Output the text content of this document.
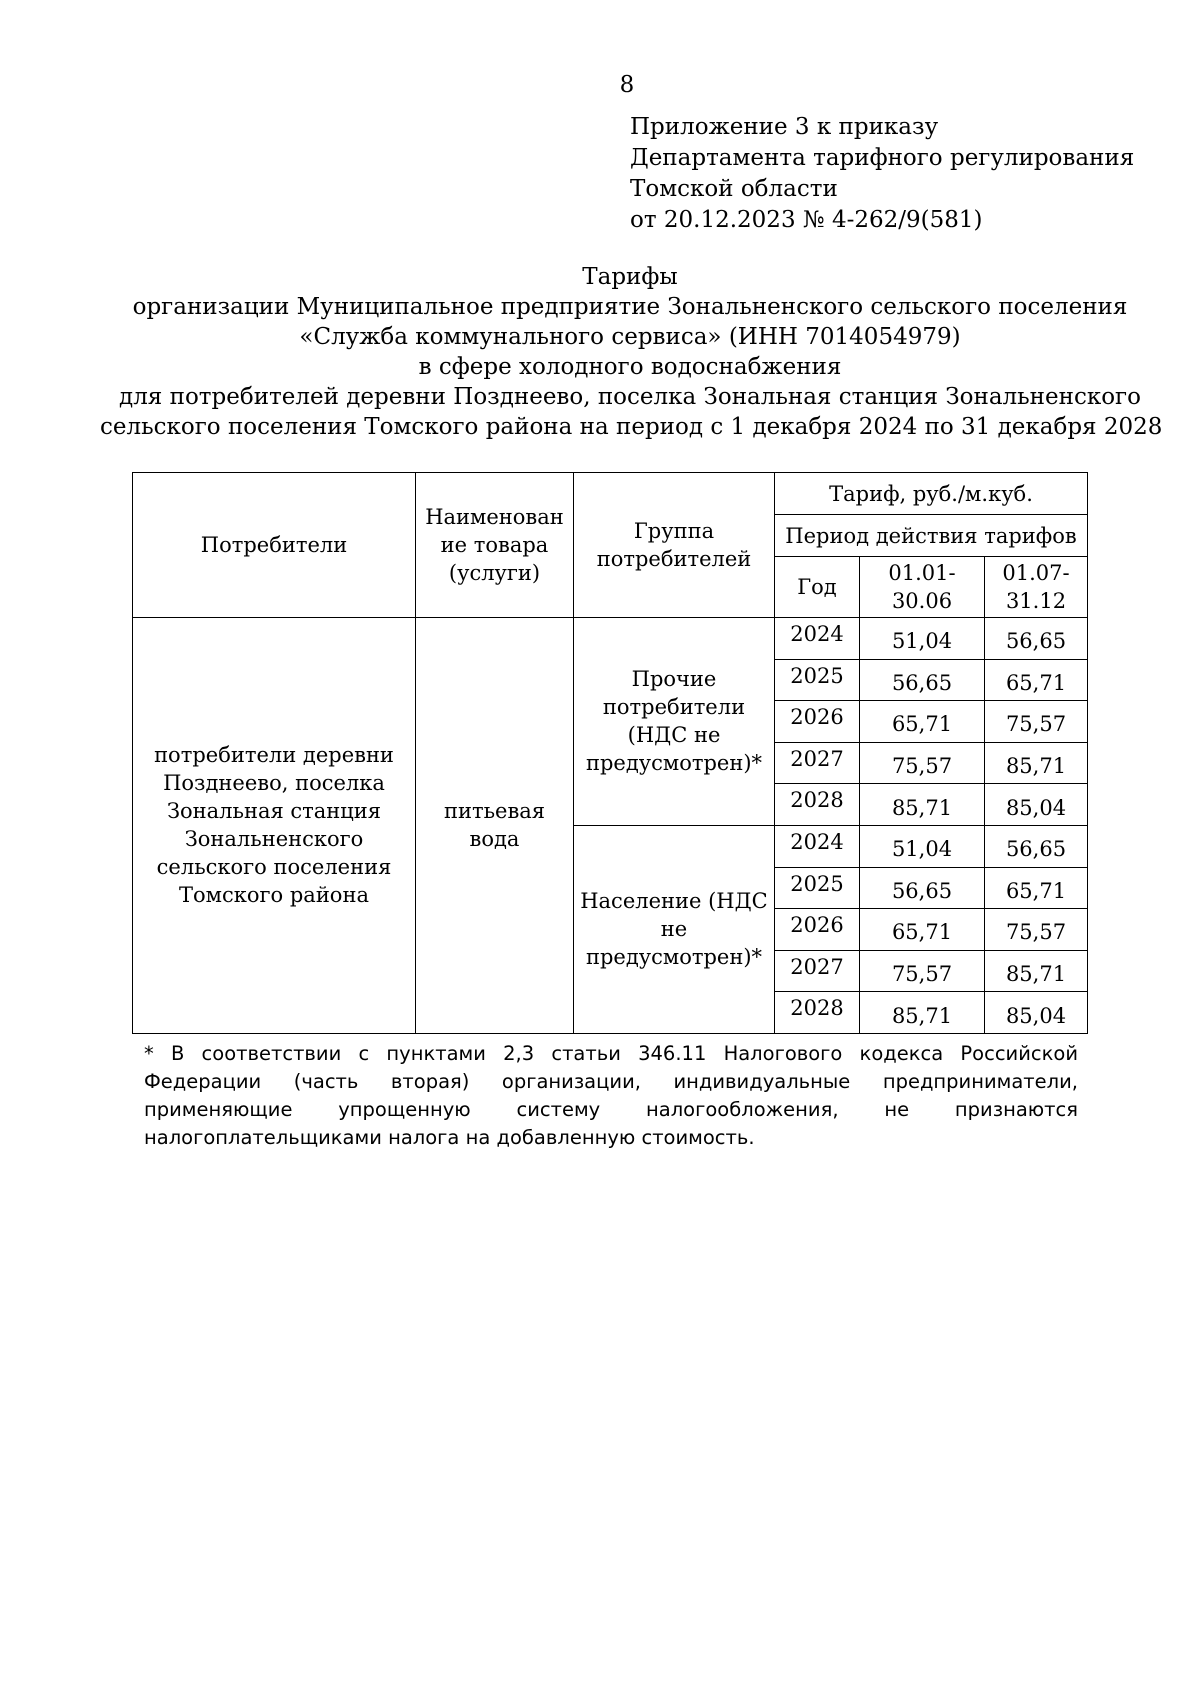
8
Приложение 3 к приказу
Департамента тарифного регулирования
Томской области
от 20.12.2023 № 4-262/9(581)
Тарифы
организации Муниципальное предприятие Зональненского сельского поселения
«Служба коммунального сервиса» (ИНН 7014054979)
в сфере холодного водоснабжения
для потребителей деревни Позднеево, поселка Зональная станция Зональненского
сельского поселения Томского района на период с 1 декабря 2024 по 31 декабря 2028
Потребители	Наименован ие товара (услуги)	Группа потребителей	Тариф, руб./м.куб.		
			Период действия тарифов		
			Год	01.01-30.06	01.07-31.12
потребители деревни Позднеево, поселка Зональная станция Зональненского сельского поселения Томского района	питьевая вода	Прочие потребители (НДС не предусмотрен)*	2024	51,04	56,65
			2025	56,65	65,71
			2026	65,71	75,57
			2027	75,57	85,71
			2028	85,71	85,04
		Население (НДС не предусмотрен)*	2024	51,04	56,65
			2025	56,65	65,71
			2026	65,71	75,57
			2027	75,57	85,71
			2028	85,71	85,04
* В соответствии с пунктами 2,3 статьи 346.11 Налогового кодекса Российской Федерации (часть вторая) организации, индивидуальные предприниматели, применяющие упрощенную систему налогообложения, не признаются налогоплательщиками налога на добавленную стоимость.
